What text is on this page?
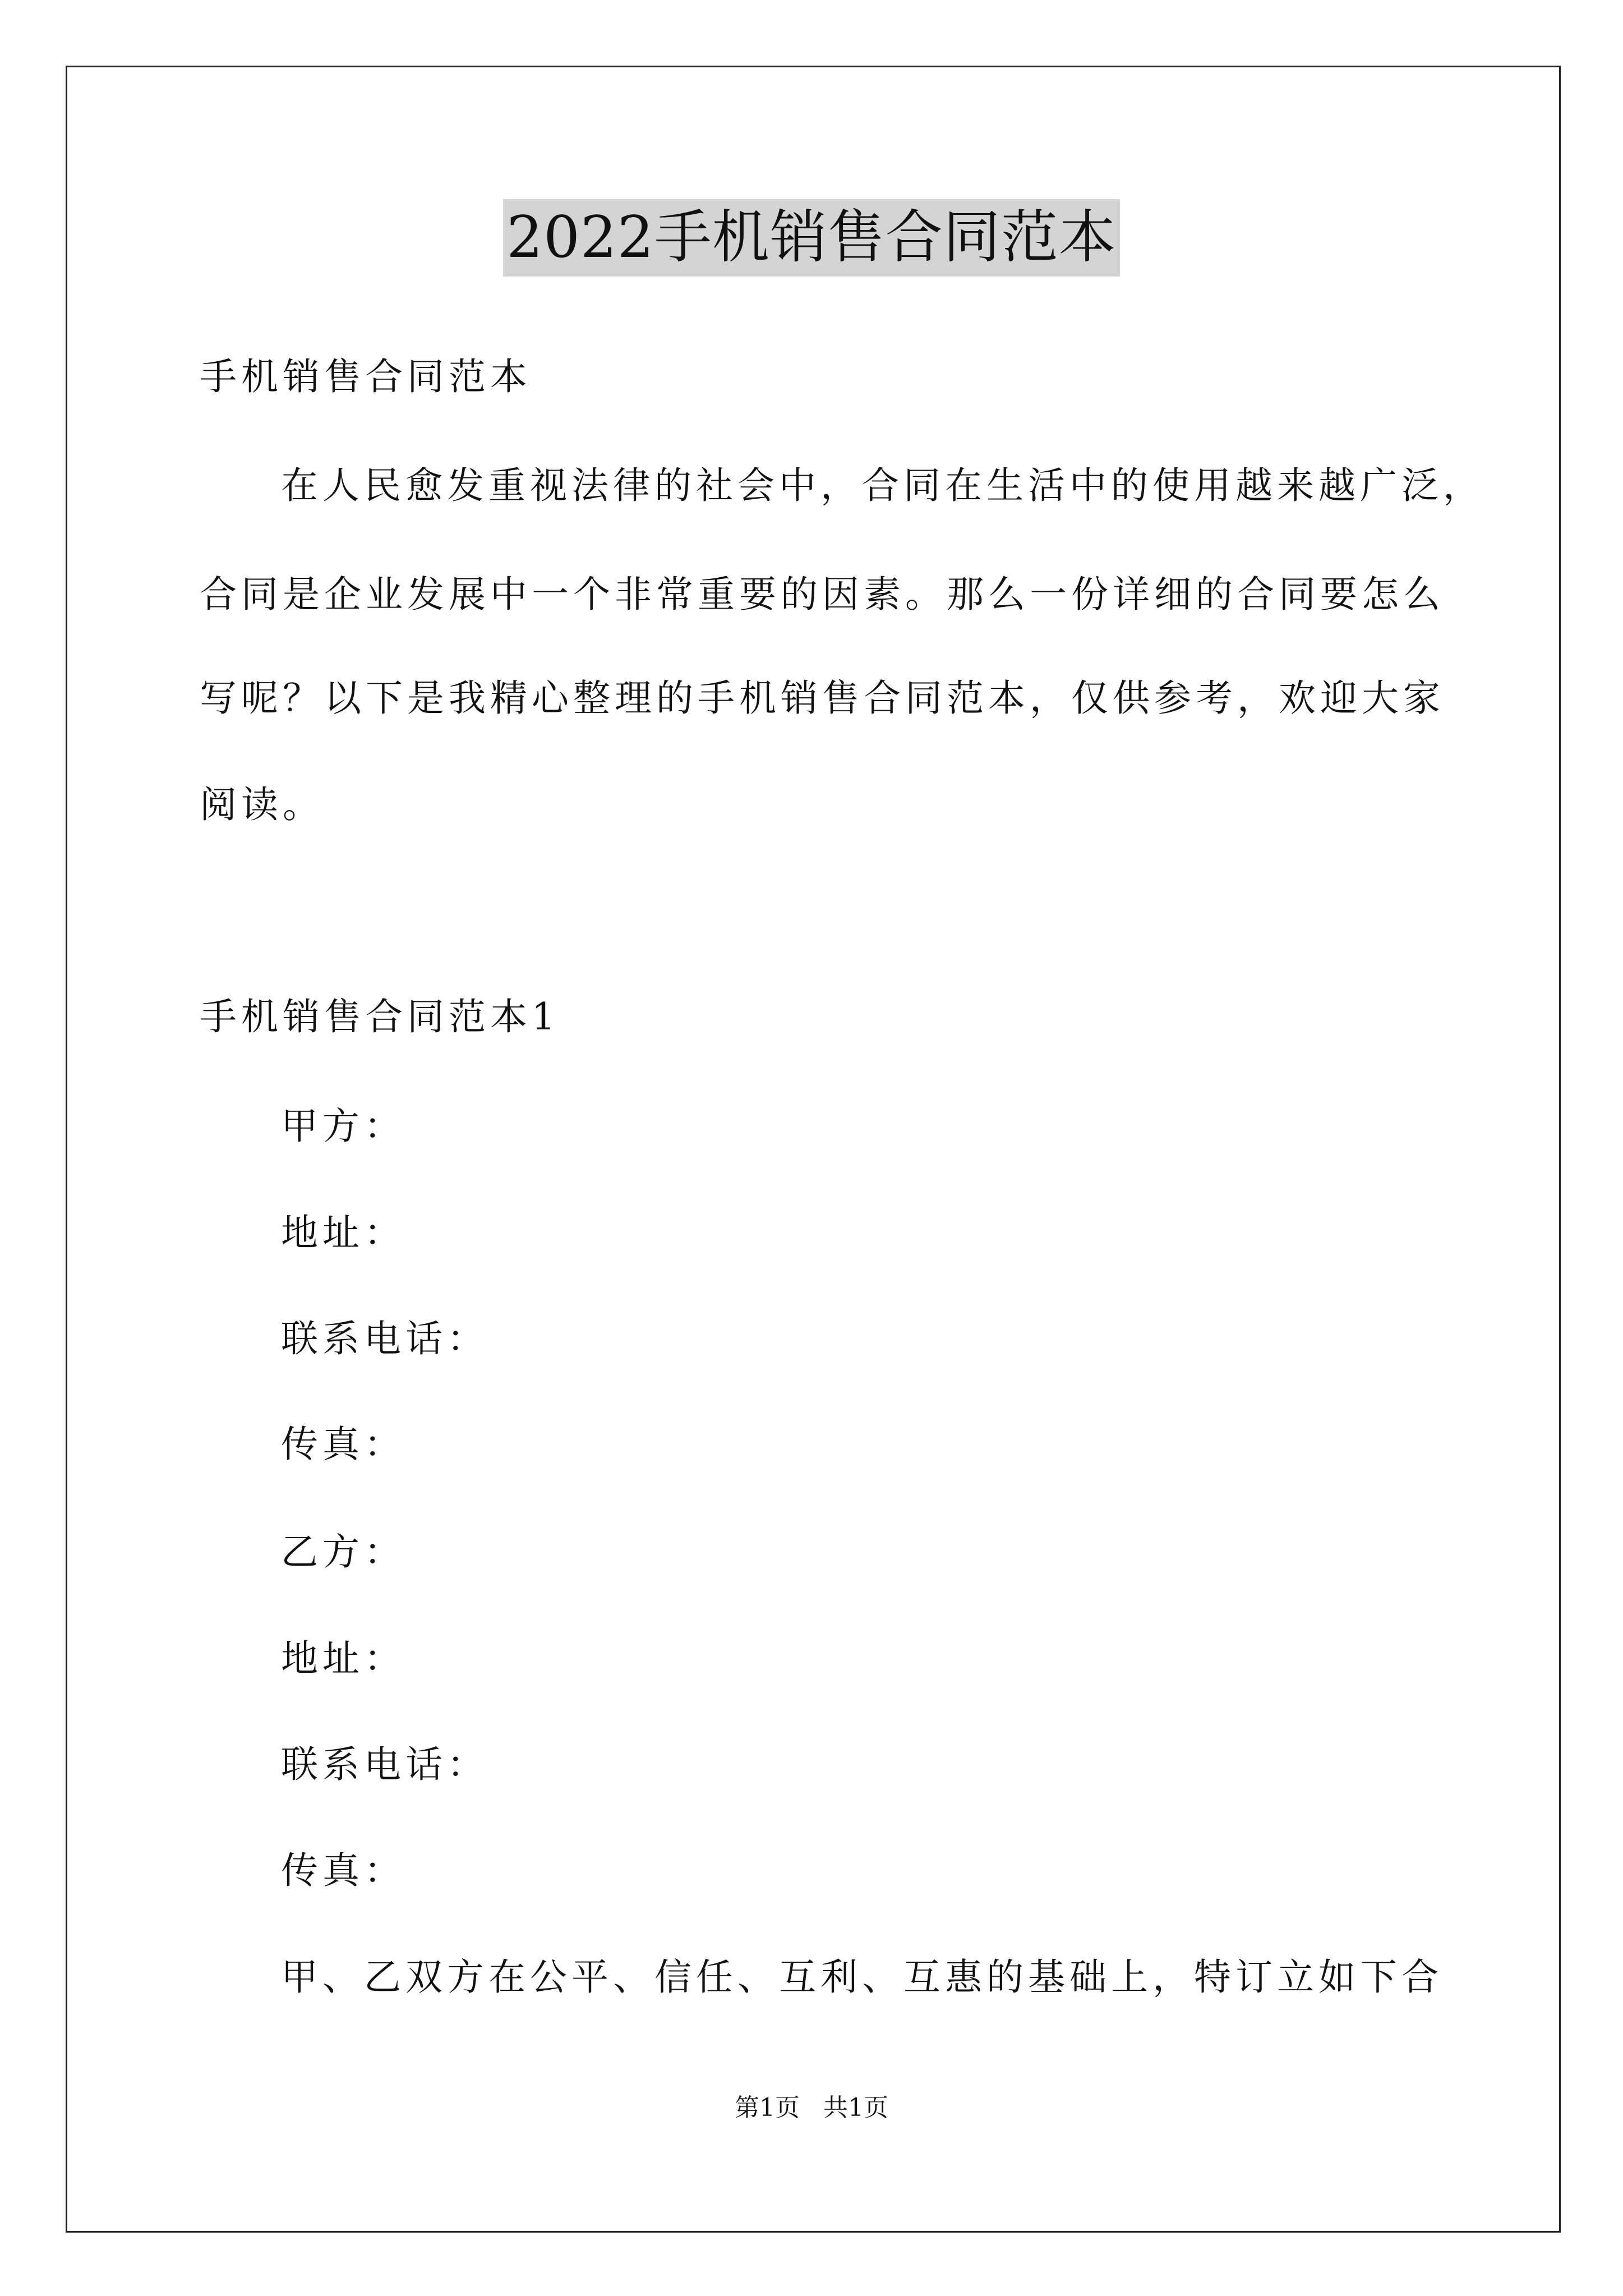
2022手机销售合同范本
手机销售合同范本
在人民愈发重视法律的社会中，合同在生活中的使用越来越广泛，
合同是企业发展中一个非常重要的因素。那么一份详细的合同要怎么
写呢？以下是我精心整理的手机销售合同范本，仅供参考，欢迎大家
阅读。
手机销售合同范本1
甲方：
地址：
联系电话：
传真：
乙方：
地址：
联系电话：
传真：
甲、乙双方在公平、信任、互利、互惠的基础上，特订立如下合
第1页   共1页
